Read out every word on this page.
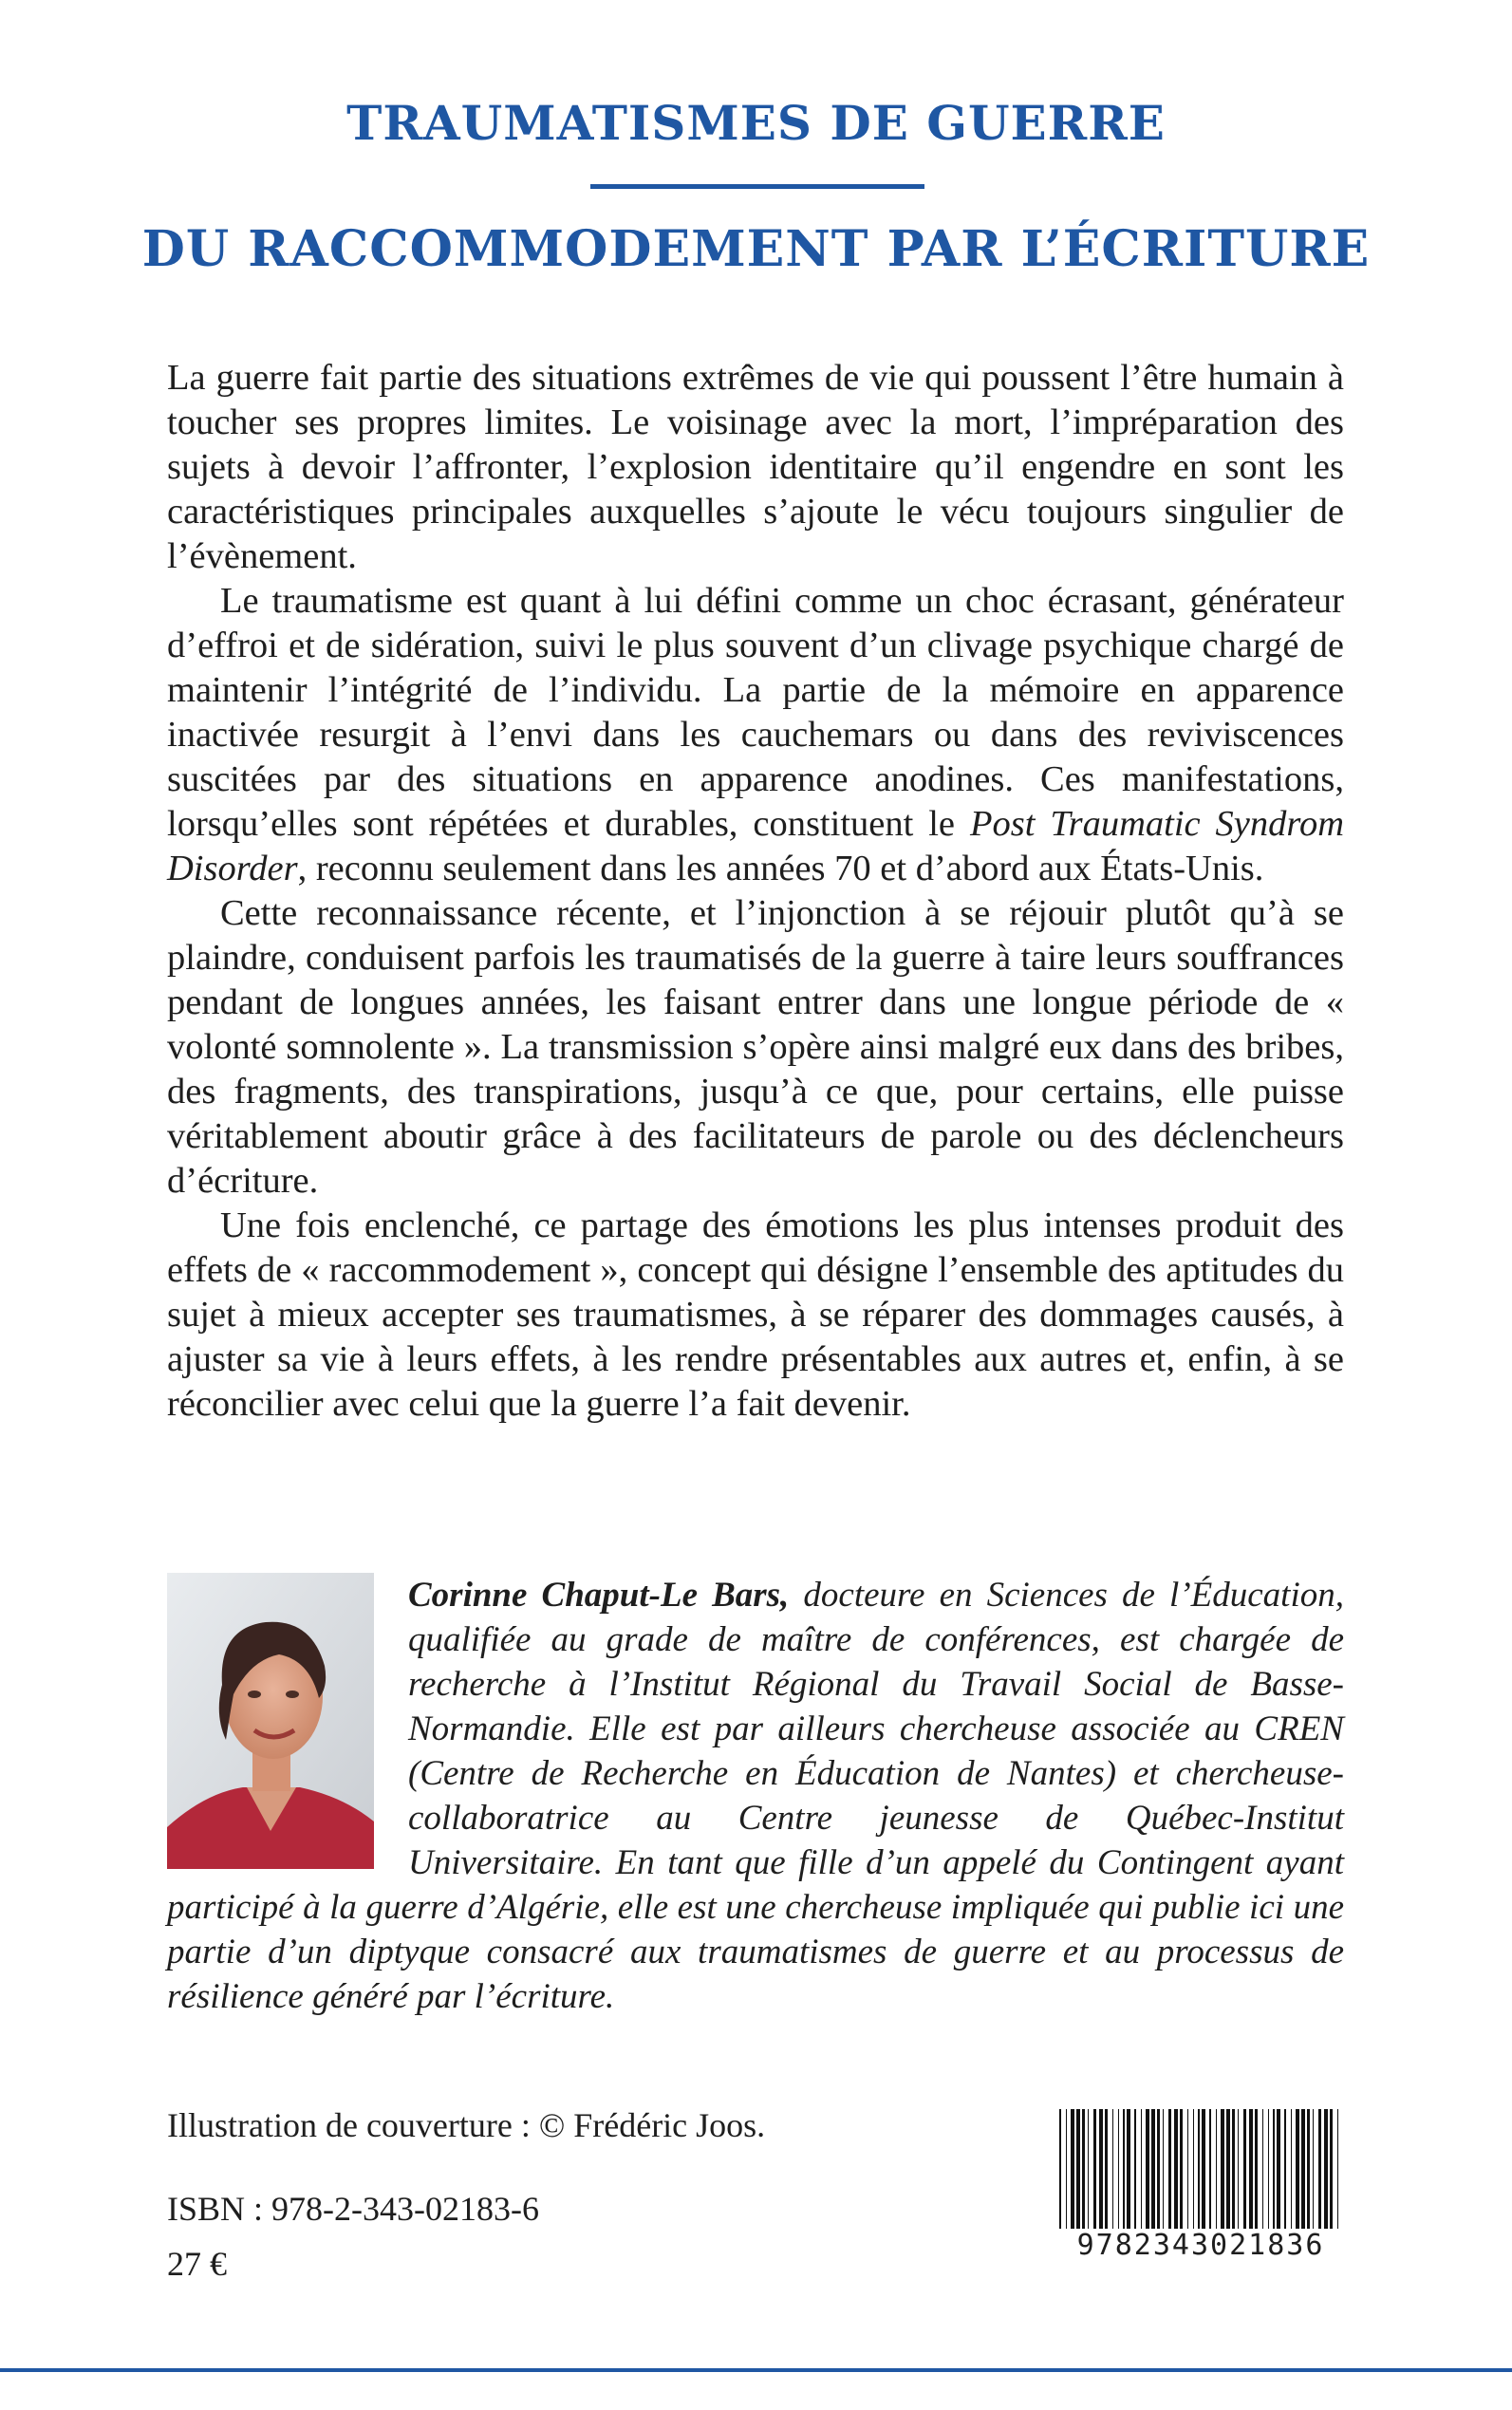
TRAUMATISMES DE GUERRE
DU RACCOMMODEMENT PAR L’ÉCRITURE

La guerre fait partie des situations extrêmes de vie qui poussent l’être humain à toucher ses propres limites. Le voisinage avec la mort, l’impréparation des sujets à devoir l’affronter, l’explosion identitaire qu’il engendre en sont les caractéristiques principales auxquelles s’ajoute le vécu toujours singulier de l’évènement.

Le traumatisme est quant à lui défini comme un choc écrasant, générateur d’effroi et de sidération, suivi le plus souvent d’un clivage psychique chargé de maintenir l’intégrité de l’individu. La partie de la mémoire en apparence inactivée resurgit à l’envi dans les cauchemars ou dans des reviviscences suscitées par des situations en apparence anodines. Ces manifestations, lorsqu’elles sont répétées et durables, constituent le Post Traumatic Syndrom Disorder, reconnu seulement dans les années 70 et d’abord aux États-Unis.

Cette reconnaissance récente, et l’injonction à se réjouir plutôt qu’à se plaindre, conduisent parfois les traumatisés de la guerre à taire leurs souffrances pendant de longues années, les faisant entrer dans une longue période de « volonté somnolente ». La transmission s’opère ainsi malgré eux dans des bribes, des fragments, des transpirations, jusqu’à ce que, pour certains, elle puisse véritablement aboutir grâce à des facilitateurs de parole ou des déclencheurs d’écriture.

Une fois enclenché, ce partage des émotions les plus intenses produit des effets de « raccommodement », concept qui désigne l’ensemble des aptitudes du sujet à mieux accepter ses traumatismes, à se réparer des dommages causés, à ajuster sa vie à leurs effets, à les rendre présentables aux autres et, enfin, à se réconcilier avec celui que la guerre l’a fait devenir.

Corinne Chaput-Le Bars, docteure en Sciences de l’Éducation, qualifiée au grade de maître de conférences, est chargée de recherche à l’Institut Régional du Travail Social de Basse-Normandie. Elle est par ailleurs chercheuse associée au CREN (Centre de Recherche en Éducation de Nantes) et chercheuse-collaboratrice au Centre jeunesse de Québec-Institut Universitaire. En tant que fille d’un appelé du Contingent ayant participé à la guerre d’Algérie, elle est une chercheuse impliquée qui publie ici une partie d’un diptyque consacré aux traumatismes de guerre et au processus de résilience généré par l’écriture.
Illustration de couverture : © Frédéric Joos.
ISBN : 978-2-343-02183-6
27 €	9782343021836
